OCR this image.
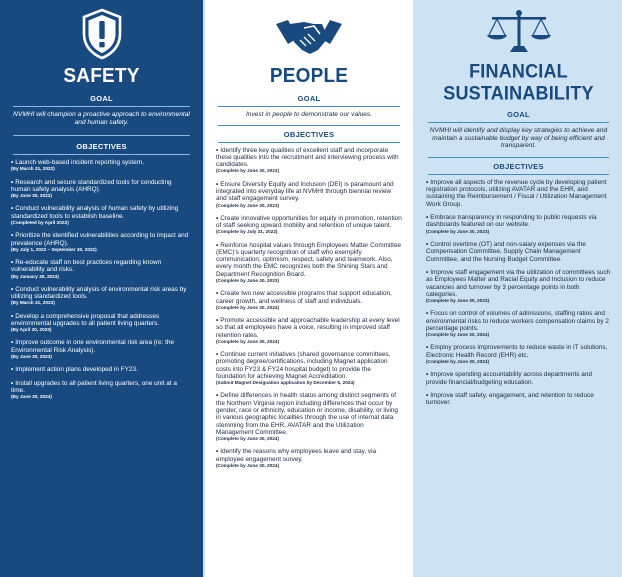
SAFETY
GOAL
NVMHI will champion a proactive approach to environmental and human safety.
OBJECTIVES
• Launch web-based incident reporting system.
(By March 31, 2022)
• Research and secure standardized tools for conducting human safety analysis (AHRQ).
(By June 30, 2022)
• Conduct vulnerability analysis of human safety by utilizing standardized tools to establish baseline.
(Completed by April 2022)
• Prioritize the identified vulnerabilities according to impact and prevalence (AHRQ).
(By July 1, 2022 – September 30, 2022)
• Re-educate staff on best practices regarding known vulnerability and risks.
(By January 30, 2023)
• Conduct vulnerability analysis of environmental risk areas by utilizing standardized tools.
(By March 31, 2023)
• Develop a comprehensive proposal that addresses environmental upgrades to all patient living quarters.
(By April 30, 2023)
• Improve outcome in one environmental risk area (re: the Environmental Risk Analysis).
(By June 30, 2023)
• Implement action plans developed in FY23.
• Install upgrades to all patient living quarters, one unit at a time.
(By June 30, 2024)
PEOPLE
GOAL
Invest in people to demonstrate our values.
OBJECTIVES
• Identify three key qualities of excellent staff and incorporate these qualities into the recruitment and interviewing process with candidates.
(Complete by June 30, 2023)
• Ensure Diversity Equity and Inclusion (DEI) is paramount and integrated into everyday life at NVMHI through biennial review and staff engagement survey.
(Complete by June 30, 2023)
• Create innovative opportunities for equity in promotion, retention of staff seeking upward mobility and retention of unique talent.
(Complete by July 31, 2022)
• Reinforce hospital values through Employees Matter Committee (EMC)'s quarterly recognition of staff who exemplify communication, optimism, respect, safety and teamwork. Also, every month the EMC recognizes both the Shining Stars and Department Recognition Board.
(Complete by June 30, 2023)
• Create two new accessible programs that support education, career growth, and wellness of staff and individuals.
(Complete by June 30, 2024)
• Promote accessible and approachable leadership at every level so that all employees have a voice, resulting in improved staff retention rates.
(Complete by June 30, 2024)
• Continue current initiatives (shared governance committees, promoting degree/certifications, including Magnet application costs into FY23 & FY24 hospital budget) to provide the foundation for achieving Magnet Accreditation.
(Submit Magnet Designation application by December 5, 2024)
• Define differences in health status among distinct segments of the Northern Virginia region including differences that occur by gender, race or ethnicity, education or income, disability, or living in various geographic localities through the use of internal data stemming from the EHR, AVATAR and the Utilization Management Committee.
(Complete by June 30, 2024)
• Identify the reasons why employees leave and stay, via employee engagement survey.
(Complete by June 30, 2024)
FINANCIAL
SUSTAINABILITY
GOAL
NVMHI will identify and display key strategies to achieve and maintain a sustainable budget by way of being efficient and transparent.
OBJECTIVES
• Improve all aspects of the revenue cycle by developing patient registration protocols, utilizing AVATAR and the EHR, and sustaining the Reimbursement / Fiscal / Utilization Management Work Group.
• Embrace transparency in responding to public requests via dashboards featured on our website.
(Complete by June 30, 2023)
• Control overtime (OT) and non-salary expenses via the Compensation Committee, Supply Chain Management Committee, and the Nursing Budget Committee.
• Improve staff engagement via the utilization of committees such as Employees Matter and Racial Equity and Inclusion to reduce vacancies and turnover by 3 percentage points in both categories.
(Complete by June 30, 2023)
• Focus on control of volumes of admissions, staffing ratios and environmental risks to reduce workers compensation claims by 2 percentage points.
(Complete by June 30, 2024)
• Employ process improvements to reduce waste in IT solutions, Electronic Health Record (EHR) etc.
(Complete by June 30, 2024)
• Improve spending accountability across departments and provide financial/budgeting education.
• Improve staff safety, engagement, and retention to reduce turnover.
